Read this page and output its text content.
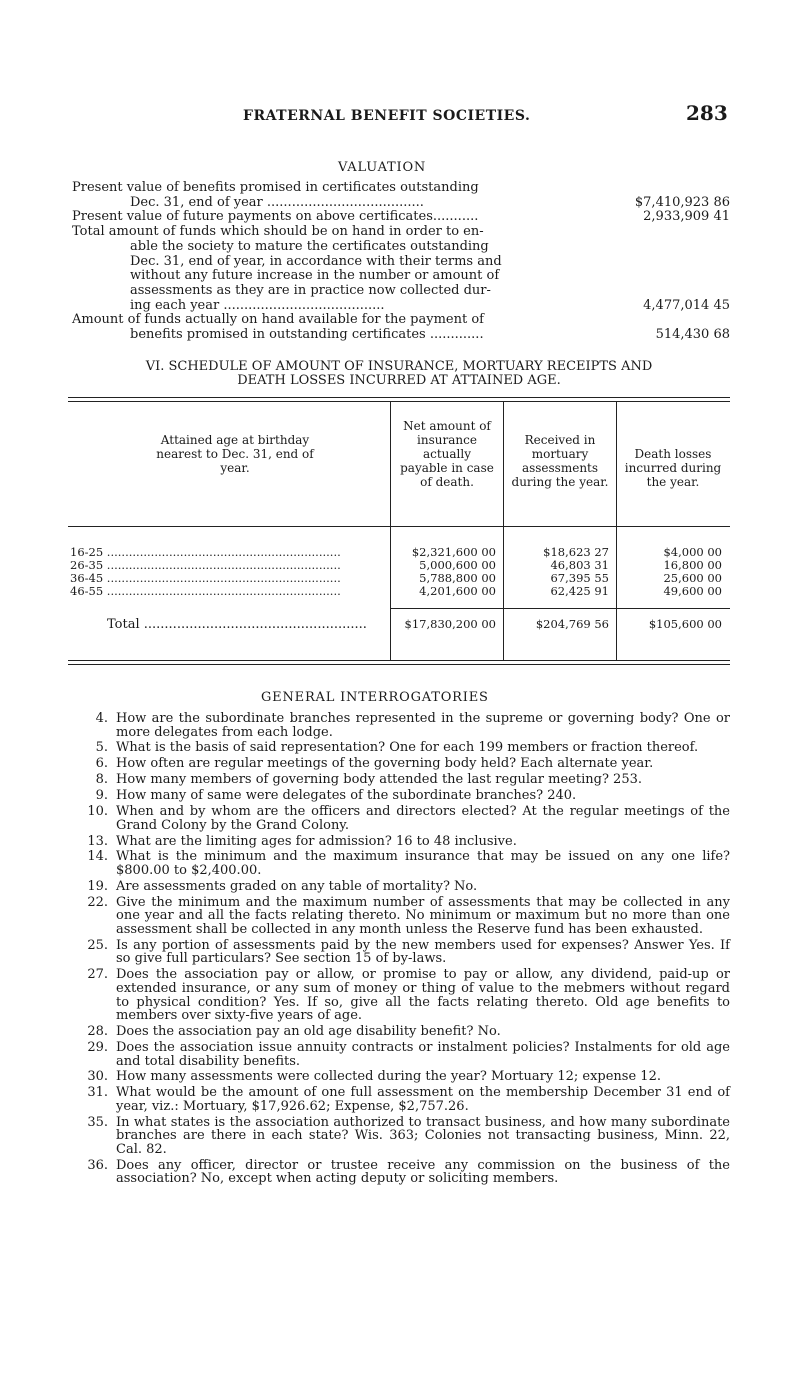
FRATERNAL BENEFIT SOCIETIES.	283
VALUATION
Present value of benefits promised in certificates outstanding
Dec. 31, end of year ......................................	$7,410,923 86
Present value of future payments on above certificates...........	2,933,909 41
Total amount of funds which should be on hand in order to en-
able the society to mature the certificates outstanding
Dec. 31, end of year, in accordance with their terms and
without any future increase in the number or amount of
assessments as they are in practice now collected dur-
ing each year .......................................	4,477,014 45
Amount of funds actually on hand available for the payment of
benefits promised in outstanding certificates .............	514,430 68
VI. SCHEDULE OF AMOUNT OF INSURANCE, MORTUARY RECEIPTS AND
DEATH LOSSES INCURRED AT ATTAINED AGE.
Attained age at birthday nearest to Dec. 31, end of year.
Net amount of insurance actually payable in case of death.
Received in mortuary assessments during the year.
Death losses incurred during the year.
16-25 ................................................................	$2,321,600 00	$18,623 27	$4,000 00
26-35 ................................................................	5,000,600 00	46,803 31	16,800 00
36-45 ................................................................	5,788,800 00	67,395 55	25,600 00
46-55 ................................................................	4,201,600 00	62,425 91	49,600 00
Total ......................................................	$17,830,200 00	$204,769 56	$105,600 00
GENERAL INTERROGATORIES
4. How are the subordinate branches represented in the supreme or governing body? One or more delegates from each lodge.
5. What is the basis of said representation? One for each 199 members or fraction thereof.
6. How often are regular meetings of the governing body held? Each alternate year.
8. How many members of governing body attended the last regular meeting? 253.
9. How many of same were delegates of the subordinate branches? 240.
10. When and by whom are the officers and directors elected? At the regular meetings of the Grand Colony by the Grand Colony.
13. What are the limiting ages for admission? 16 to 48 inclusive.
14. What is the minimum and the maximum insurance that may be issued on any one life? $800.00 to $2,400.00.
19. Are assessments graded on any table of mortality? No.
22. Give the minimum and the maximum number of assessments that may be collected in any one year and all the facts relating thereto. No minimum or maximum but no more than one assessment shall be collected in any month unless the Reserve fund has been exhausted.
25. Is any portion of assessments paid by the new members used for expenses? Answer Yes. If so give full particulars? See section 15 of by-laws.
27. Does the association pay or allow, or promise to pay or allow, any dividend, paid-up or extended insurance, or any sum of money or thing of value to the mebmers without regard to physical condition? Yes. If so, give all the facts relating thereto. Old age benefits to members over sixty-five years of age.
28. Does the association pay an old age disability benefit? No.
29. Does the association issue annuity contracts or instalment policies? Instalments for old age and total disability benefits.
30. How many assessments were collected during the year? Mortuary 12; expense 12.
31. What would be the amount of one full assessment on the membership December 31 end of year, viz.: Mortuary, $17,926.62; Expense, $2,757.26.
35. In what states is the association authorized to transact business, and how many subordinate branches are there in each state? Wis. 363; Colonies not transacting business, Minn. 22, Cal. 82.
36. Does any officer, director or trustee receive any commission on the business of the association? No, except when acting deputy or soliciting members.
